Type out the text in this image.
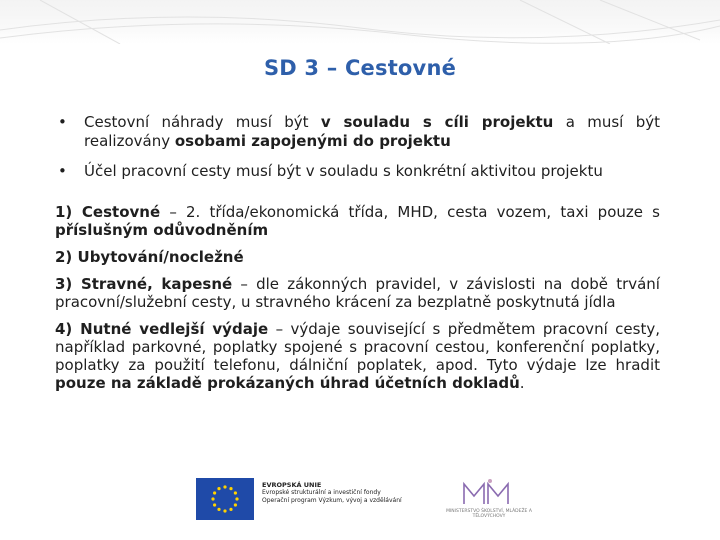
SD 3 – Cestovné
• Cestovní náhrady musí být v souladu s cíli projektu a musí být realizovány osobami zapojenými do projektu
• Účel pracovní cesty musí být v souladu s konkrétní aktivitou projektu
1) Cestovné – 2. třída/ekonomická třída, MHD, cesta vozem, taxi pouze s příslušným odůvodněním
2) Ubytování/nocležné
3) Stravné, kapesné – dle zákonných pravidel, v závislosti na době trvání pracovní/služební cesty, u stravného krácení za bezplatně poskytnutá jídla
4) Nutné vedlejší výdaje – výdaje související s předmětem pracovní cesty, například parkovné, poplatky spojené s pracovní cestou, konferenční poplatky, poplatky za použití telefonu, dálniční poplatek, apod. Tyto výdaje lze hradit pouze na základě prokázaných úhrad účetních dokladů.
EVROPSKÁ UNIE
Evropské strukturální a investiční fondy
Operační program Výzkum, vývoj a vzdělávání
MINISTERSTVO ŠKOLSTVÍ, MLÁDEŽE A TĚLOVÝCHOVY
